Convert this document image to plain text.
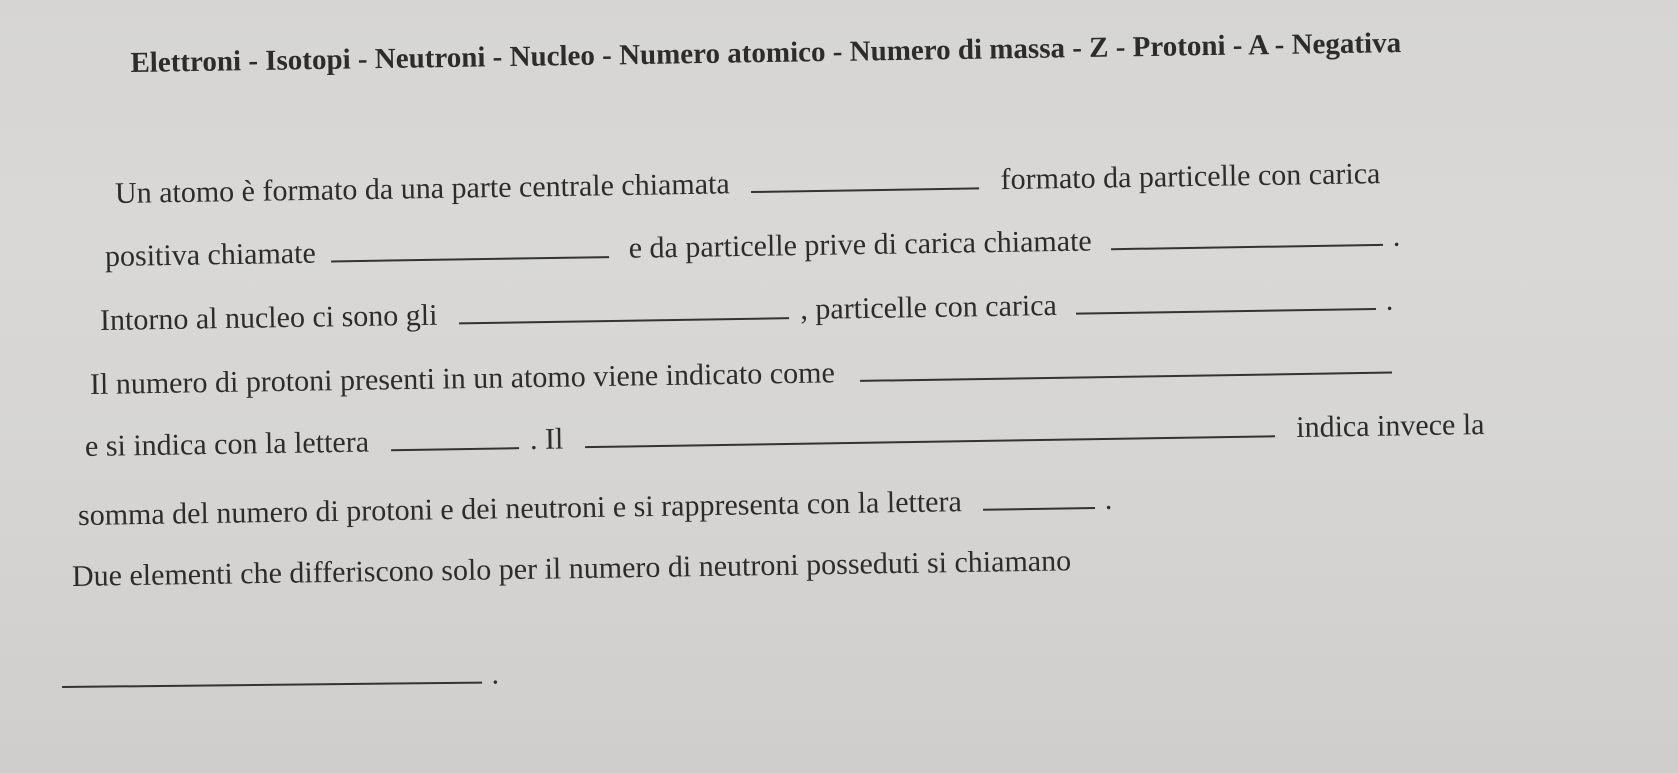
Elettroni - Isotopi - Neutroni - Nucleo - Numero atomico - Numero di massa - Z - Protoni - A - Negativa
Un atomo è formato da una parte centrale chiamata	formato da particelle con carica
positiva chiamate	e da particelle prive di carica chiamate	.
Intorno al nucleo ci sono gli	, particelle con carica	.
Il numero di protoni presenti in un atomo viene indicato come
e si indica con la lettera	. Il	indica invece la
somma del numero di protoni e dei neutroni e si rappresenta con la lettera	.
Due elementi che differiscono solo per il numero di neutroni posseduti si chiamano
.
